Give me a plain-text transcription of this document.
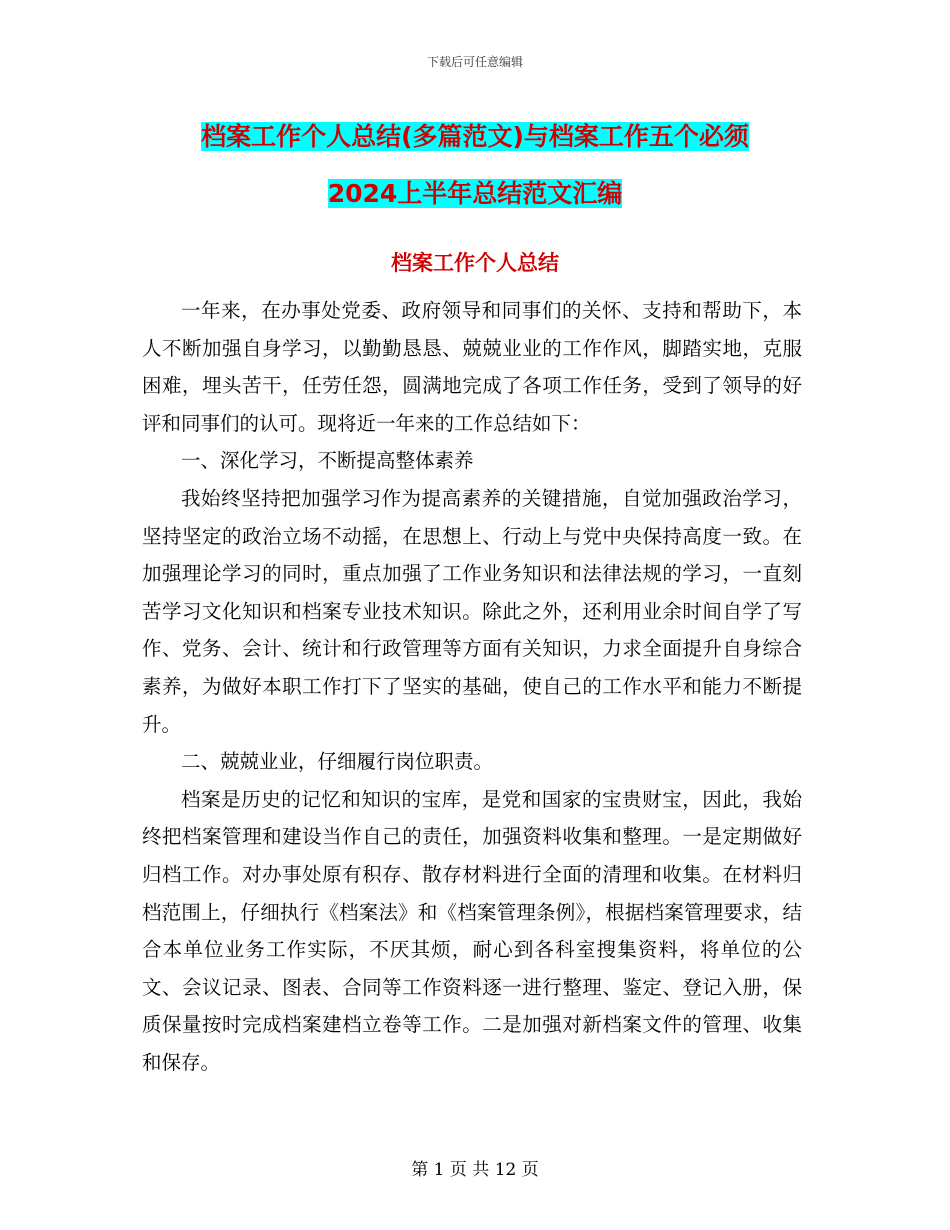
下载后可任意编辑
档案工作个人总结(多篇范文)与档案工作五个必须
2024上半年总结范文汇编
档案工作个人总结

一年来，在办事处党委、政府领导和同事们的关怀、支持和帮助下，本人不断加强自身学习，以勤勤恳恳、兢兢业业的工作作风，脚踏实地，克服困难，埋头苦干，任劳任怨，圆满地完成了各项工作任务，受到了领导的好评和同事们的认可。现将近一年来的工作总结如下：

一、深化学习，不断提高整体素养

我始终坚持把加强学习作为提高素养的关键措施，自觉加强政治学习，坚持坚定的政治立场不动摇，在思想上、行动上与党中央保持高度一致。在加强理论学习的同时，重点加强了工作业务知识和法律法规的学习，一直刻苦学习文化知识和档案专业技术知识。除此之外，还利用业余时间自学了写作、党务、会计、统计和行政管理等方面有关知识，力求全面提升自身综合素养，为做好本职工作打下了坚实的基础，使自己的工作水平和能力不断提升。

二、兢兢业业，仔细履行岗位职责。

档案是历史的记忆和知识的宝库，是党和国家的宝贵财宝，因此，我始终把档案管理和建设当作自己的责任，加强资料收集和整理。一是定期做好归档工作。对办事处原有积存、散存材料进行全面的清理和收集。在材料归档范围上，仔细执行《档案法》和《档案管理条例》，根据档案管理要求，结合本单位业务工作实际，不厌其烦，耐心到各科室搜集资料，将单位的公文、会议记录、图表、合同等工作资料逐一进行整理、鉴定、登记入册，保质保量按时完成档案建档立卷等工作。二是加强对新档案文件的管理、收集和保存。

第 1 页 共 12 页
